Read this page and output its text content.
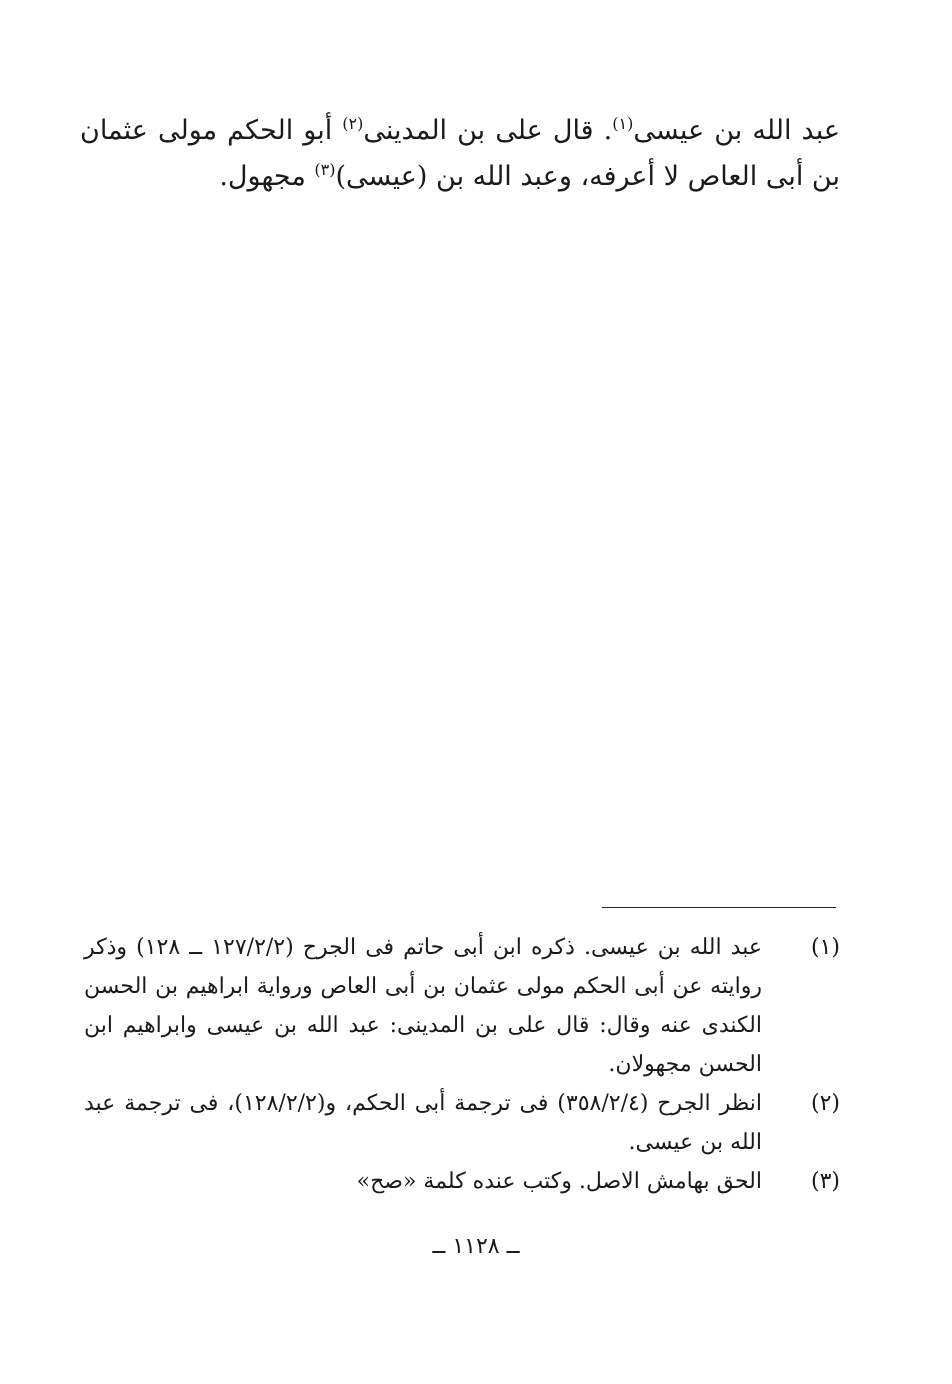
عبد الله بن عيسى$^{(١)}$. قال على بن المدينى$^{(٢)}$ أبو الحكم مولى عثمان بن أبى العاص لا أعرفه، وعبد الله بن (عيسى)$^{(٣)}$ مجهول.

(١)
عبد الله بن عيسى. ذكره ابن أبى حاتم فى الجرح (١٢٧/٢/٢ ــ ١٢٨) وذكر روايته عن أبى الحكم مولى عثمان بن أبى العاص ورواية ابراهيم بن الحسن الكندى عنه وقال: قال على بن المدينى: عبد الله بن عيسى وابراهيم ابن الحسن مجهولان.
(٢)
انظر الجرح (٣٥٨/٢/٤) فى ترجمة أبى الحكم، و(١٢٨/٢/٢)، فى ترجمة عبد الله بن عيسى.
(٣)
الحق بهامش الاصل. وكتب عنده كلمة «صح»
ــ ١١٢٨ ــ
